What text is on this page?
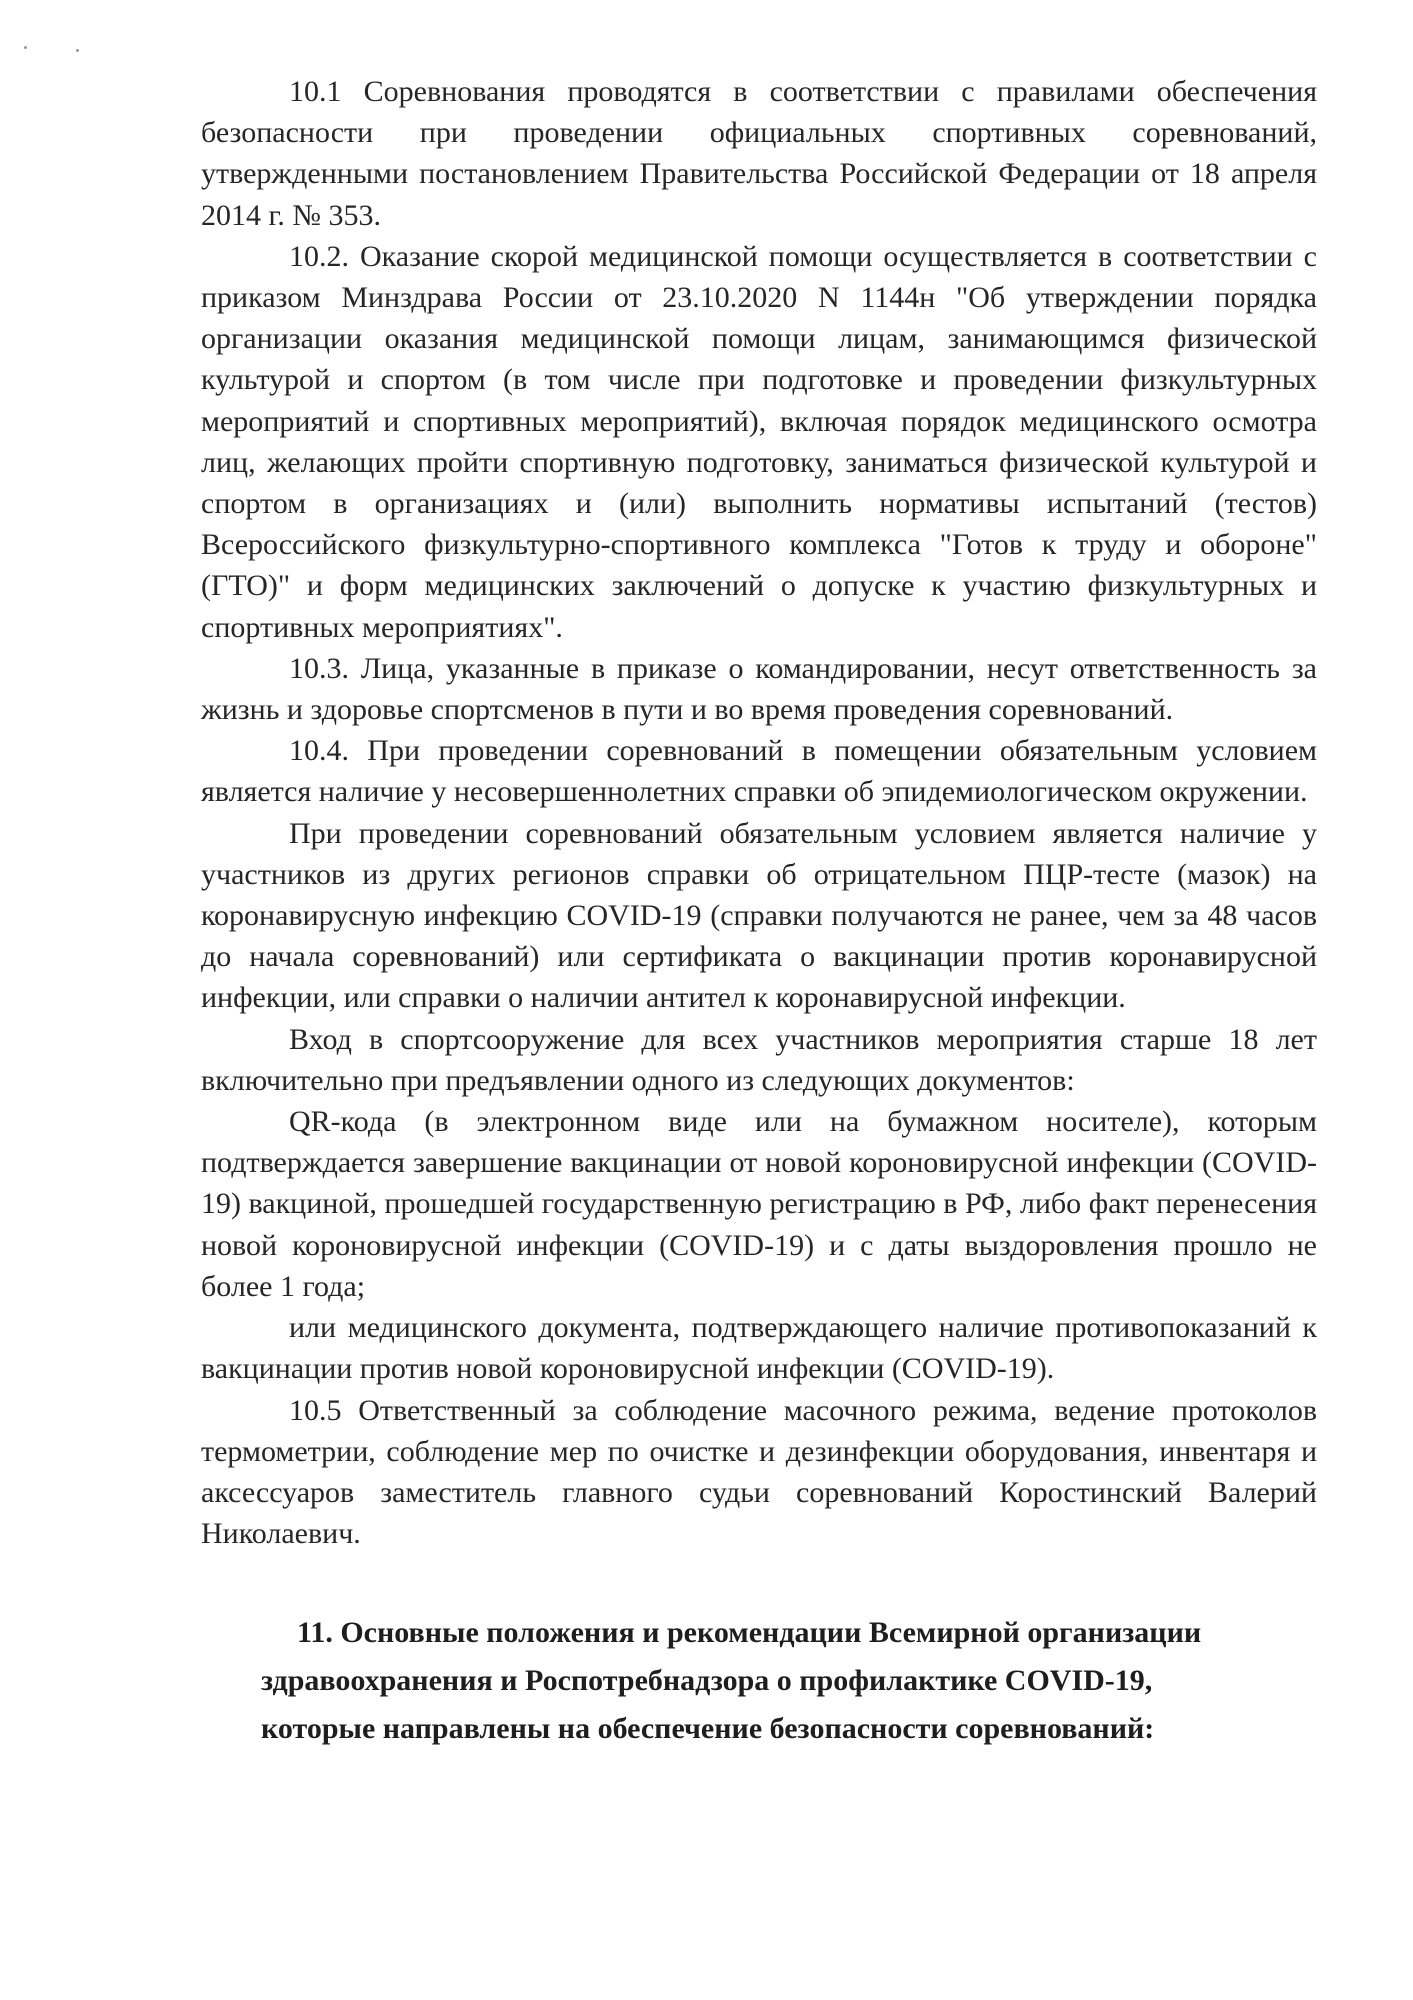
10.1 Соревнования проводятся в соответствии с правилами обеспечения безопасности при проведении официальных спортивных соревнований, утвержденными постановлением Правительства Российской Федерации от 18 апреля 2014 г. № 353.

10.2. Оказание скорой медицинской помощи осуществляется в соответствии с приказом Минздрава России от 23.10.2020 N 1144н "Об утверждении порядка организации оказания медицинской помощи лицам, занимающимся физической культурой и спортом (в том числе при подготовке и проведении физкультурных мероприятий и спортивных мероприятий), включая порядок медицинского осмотра лиц, желающих пройти спортивную подготовку, заниматься физической культурой и спортом в организациях и (или) выполнить нормативы испытаний (тестов) Всероссийского физкультурно-спортивного комплекса "Готов к труду и обороне" (ГТО)" и форм медицинских заключений о допуске к участию физкультурных и спортивных мероприятиях".

10.3. Лица, указанные в приказе о командировании, несут ответственность за жизнь и здоровье спортсменов в пути и во время проведения соревнований.

10.4. При проведении соревнований в помещении обязательным условием является наличие у несовершеннолетних справки об эпидемиологическом окружении.

При проведении соревнований обязательным условием является наличие у участников из других регионов справки об отрицательном ПЦР-тесте (мазок) на коронавирусную инфекцию COVID-19 (справки получаются не ранее, чем за 48 часов до начала соревнований) или сертификата о вакцинации против коронавирусной инфекции, или справки о наличии антител к коронавирусной инфекции.

Вход в спортсооружение для всех участников мероприятия старше 18 лет включительно при предъявлении одного из следующих документов:

QR-кода (в электронном виде или на бумажном носителе), которым подтверждается завершение вакцинации от новой короновирусной инфекции (COVID-19) вакциной, прошедшей государственную регистрацию в РФ, либо факт перенесения новой короновирусной инфекции (COVID-19) и с даты выздоровления прошло не более 1 года;

или медицинского документа, подтверждающего наличие противопоказаний к вакцинации против новой короновирусной инфекции (COVID-19).

10.5 Ответственный за соблюдение масочного режима, ведение протоколов термометрии, соблюдение мер по очистке и дезинфекции оборудования, инвентаря и аксессуаров заместитель главного судьи соревнований Коростинский Валерий Николаевич.

11. Основные положения и рекомендации Всемирной организации
здравоохранения и Роспотребнадзора о профилактике COVID-19,
которые направлены на обеспечение безопасности соревнований:
